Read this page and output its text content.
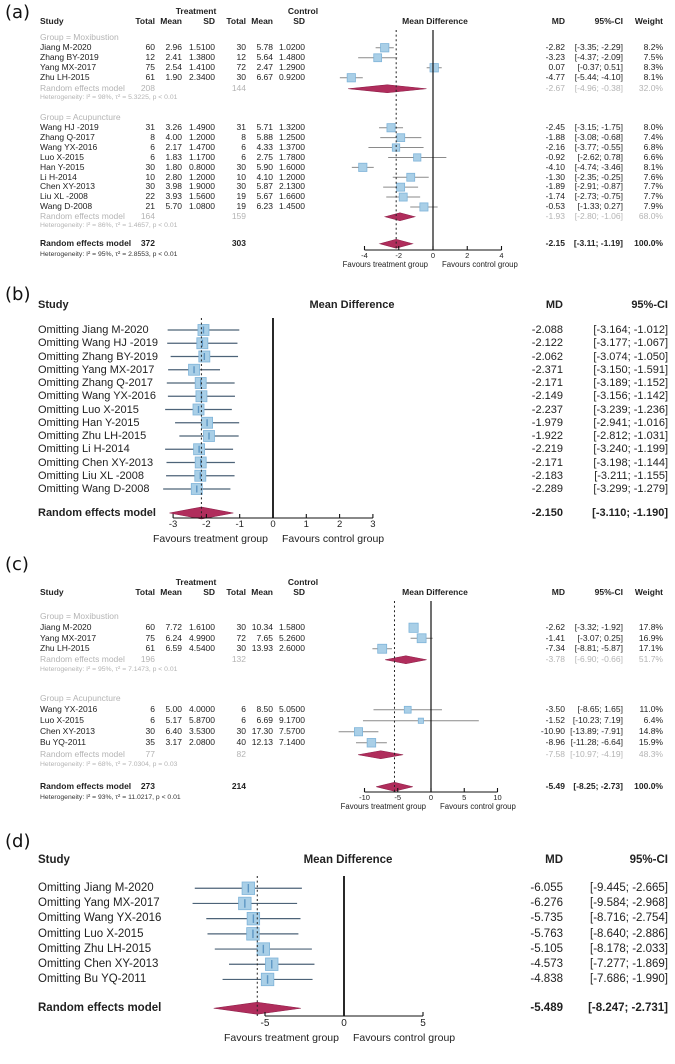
(a)
(b)
(c)
(d)
Treatment	Control
Study	Total Mean SD Total Mean SD	Mean Difference	MD	95%-CI Weight
Group = Moxibustion
Jiang M-2020	60 2.96 1.5100	30 5.78 1.0200	-2.82 [-3.35; -2.29] 8.2%
Zhang BY-2019	12 2.41 1.3800	12 5.64 1.4800	-3.23 [-4.37; -2.09] 7.5%
Yang MX-2017	75 2.54 1.4100	72 2.47 1.2900	0.07 [-0.37; 0.51] 8.3%
Zhu LH-2015	61 1.90 2.3400	30 6.67 0.9200	-4.77 [-5.44; -4.10] 8.1%
Random effects model 208	144	-2.67 [-4.96; -0.38] 32.0%
Heterogeneity: I² = 98%, τ² = 5.3225, p < 0.01
Group = Acupuncture
Wang HJ -2019	31 3.26 1.4900	31 5.71 1.3200	-2.45 [-3.15; -1.75] 8.0%
Zhang Q-2017	8 4.00 1.2000	8 5.88 1.2500	-1.88 [-3.08; -0.68] 7.4%
Wang YX-2016	6 2.17 1.4700	6 4.33 1.3700	-2.16 [-3.77; -0.55] 6.8%
Luo X-2015	6 1.83 1.1700	6 2.75 1.7800	-0.92 [-2.62; 0.78] 6.6%
Han Y-2015	30 1.80 0.8000	30 5.90 1.6000	-4.10 [-4.74; -3.46] 8.1%
Li H-2014	10 2.80 1.2000	10 4.10 1.2000	-1.30 [-2.35; -0.25] 7.6%
Chen XY-2013	30 3.98 1.9000	30 5.87 2.1300	-1.89 [-2.91; -0.87] 7.7%
Liu XL -2008	22 3.93 1.5600	19 5.67 1.6600	-1.74 [-2.73; -0.75] 7.7%
Wang D-2008	21 5.70 1.0800	19 6.23 1.4500	-0.53 [-1.33; 0.27] 7.9%
Random effects model 164	159	-1.93 [-2.80; -1.06] 68.0%
Heterogeneity: I² = 86%, τ² = 1.4657, p < 0.01
Random effects model 372	303	-2.15 [-3.11; -1.19] 100.0%
Heterogeneity: I² = 95%, τ² = 2.8553, p < 0.01	-4	-2	0	2	4
Favours treatment group Favours control group
Study	Mean Difference	MD	95%-CI
Omitting Jiang M-2020	-2.088	[-3.164; -1.012]
Omitting Wang HJ -2019	-2.122	[-3.177; -1.067]
Omitting Zhang BY-2019	-2.062	[-3.074; -1.050]
Omitting Yang MX-2017	-2.371	[-3.150; -1.591]
Omitting Zhang Q-2017	-2.171	[-3.189; -1.152]
Omitting Wang YX-2016	-2.149	[-3.156; -1.142]
Omitting Luo X-2015	-2.237	[-3.239; -1.236]
Omitting Han Y-2015	-1.979	[-2.941; -1.016]
Omitting Zhu LH-2015	-1.922	[-2.812; -1.031]
Omitting Li H-2014	-2.219	[-3.240; -1.199]
Omitting Chen XY-2013	-2.171	[-3.198; -1.144]
Omitting Liu XL -2008	-2.183	[-3.211; -1.155]
Omitting Wang D-2008	-2.289	[-3.299; -1.279]
Random effects model	-2.150	[-3.110; -1.190]
-3	-2	-1	0	1	2	3
Favours treatment group Favours control group
Treatment	Control
Study	Total Mean SD Total Mean SD	Mean Difference	MD	95%-CI Weight
Group = Moxibustion
Jiang M-2020	60 7.72 1.6100	30 10.34 1.5800	-2.62 [-3.32; -1.92] 17.8%
Yang MX-2017	75 6.24 4.9900	72 7.65 5.2600	-1.41 [-3.07; 0.25] 16.9%
Zhu LH-2015	61 6.59 4.5400	30 13.93 2.6000	-7.34 [-8.81; -5.87] 17.1%
Random effects model 196	132	-3.78 [-6.90; -0.66] 51.7%
Heterogeneity: I² = 95%, τ² = 7.1473, p < 0.01
Group = Acupuncture
Wang YX-2016	6 5.00 4.0000	6 8.50 5.0500	-3.50 [-8.65; 1.65] 11.0%
Luo X-2015	6 5.17 5.8700	6 6.69 9.1700	-1.52 [-10.23; 7.19] 6.4%
Chen XY-2013	30 6.40 3.5300	30 17.30 7.5700	-10.90 [-13.89; -7.91] 14.8%
Bu YQ-2011	35 3.17 2.0800	40 12.13 7.1400	-8.96 [-11.28; -6.64] 15.9%
Random effects model 77	82	-7.58 [-10.97; -4.19] 48.3%
Heterogeneity: I² = 68%, τ² = 7.0304, p = 0.03
Random effects model 273	214	-5.49 [-8.25; -2.73] 100.0%
Heterogeneity: I² = 93%, τ² = 11.0217, p < 0.01	-10	-5	0	5	10
Favours treatment group Favours control group
Study	Mean Difference	MD	95%-CI
Omitting Jiang M-2020	-6.055 [-9.445; -2.665]
Omitting Yang MX-2017	-6.276 [-9.584; -2.968]
Omitting Wang YX-2016	-5.735 [-8.716; -2.754]
Omitting Luo X-2015	-5.763 [-8.640; -2.886]
Omitting Zhu LH-2015	-5.105 [-8.178; -2.033]
Omitting Chen XY-2013	-4.573 [-7.277; -1.869]
Omitting Bu YQ-2011	-4.838 [-7.686; -1.990]
Random effects model	-5.489 [-8.247; -2.731]
-5	0	5
Favours treatment group Favours control group
